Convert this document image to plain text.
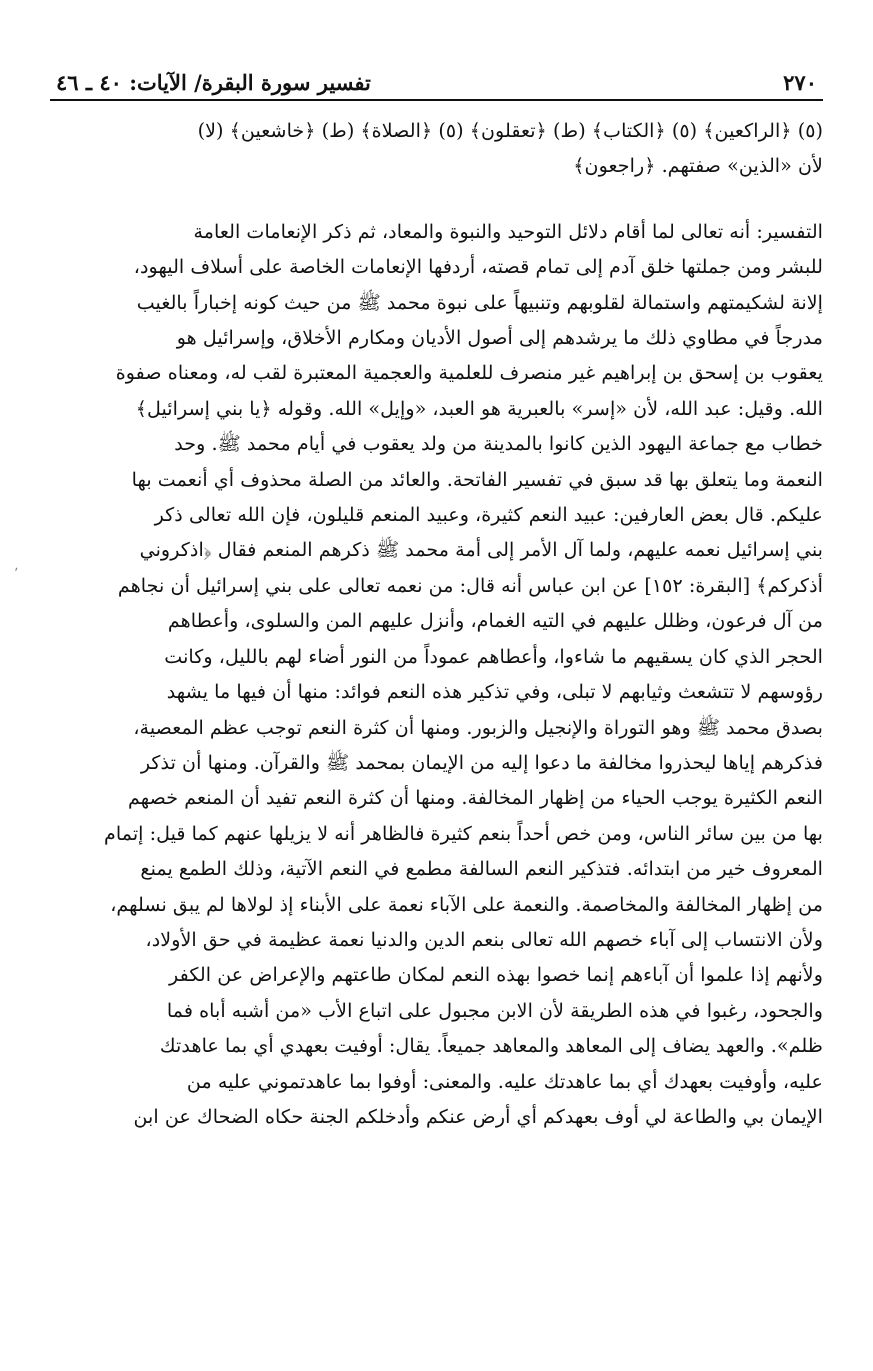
٢٧٠
تفسير سورة البقرة/ الآيات: ٤٠ ـ ٤٦
(٥) ﴿الراكعين﴾ (٥) ﴿الكتاب﴾ (ط) ﴿تعقلون﴾ (٥) ﴿الصلاة﴾ (ط) ﴿خاشعين﴾ (لا)
لأن «الذين» صفتهم. ﴿راجعون﴾
التفسير: أنه تعالى لما أقام دلائل التوحيد والنبوة والمعاد، ثم ذكر الإنعامات العامة
للبشر ومن جملتها خلق آدم إلى تمام قصته، أردفها الإنعامات الخاصة على أسلاف اليهود،
إلانة لشكيمتهم واستمالة لقلوبهم وتنبيهاً على نبوة محمد ﷺ من حيث كونه إخباراً بالغيب
مدرجاً في مطاوي ذلك ما يرشدهم إلى أصول الأديان ومكارم الأخلاق، وإسرائيل هو
يعقوب بن إسحق بن إبراهيم غير منصرف للعلمية والعجمية المعتبرة لقب له، ومعناه صفوة
الله. وقيل: عبد الله، لأن «إسر» بالعبرية هو العبد، «وإيل» الله. وقوله ﴿يا بني إسرائيل﴾
خطاب مع جماعة اليهود الذين كانوا بالمدينة من ولد يعقوب في أيام محمد ﷺ. وحد
النعمة وما يتعلق بها قد سبق في تفسير الفاتحة. والعائد من الصلة محذوف أي أنعمت بها
عليكم. قال بعض العارفين: عبيد النعم كثيرة، وعبيد المنعم قليلون، فإن الله تعالى ذكر
بني إسرائيل نعمه عليهم، ولما آل الأمر إلى أمة محمد ﷺ ذكرهم المنعم فقال ﴿اذكروني
أذكركم﴾ [البقرة: ١٥٢] عن ابن عباس أنه قال: من نعمه تعالى على بني إسرائيل أن نجاهم
من آل فرعون، وظلل عليهم في التيه الغمام، وأنزل عليهم المن والسلوى، وأعطاهم
الحجر الذي كان يسقيهم ما شاءوا، وأعطاهم عموداً من النور أضاء لهم بالليل، وكانت
رؤوسهم لا تتشعث وثيابهم لا تبلى، وفي تذكير هذه النعم فوائد: منها أن فيها ما يشهد
بصدق محمد ﷺ وهو التوراة والإنجيل والزبور. ومنها أن كثرة النعم توجب عظم المعصية،
فذكرهم إياها ليحذروا مخالفة ما دعوا إليه من الإيمان بمحمد ﷺ والقرآن. ومنها أن تذكر
النعم الكثيرة يوجب الحياء من إظهار المخالفة. ومنها أن كثرة النعم تفيد أن المنعم خصهم
بها من بين سائر الناس، ومن خص أحداً بنعم كثيرة فالظاهر أنه لا يزيلها عنهم كما قيل: إتمام
المعروف خير من ابتدائه. فتذكير النعم السالفة مطمع في النعم الآتية، وذلك الطمع يمنع
من إظهار المخالفة والمخاصمة. والنعمة على الآباء نعمة على الأبناء إذ لولاها لم يبق نسلهم،
ولأن الانتساب إلى آباء خصهم الله تعالى بنعم الدين والدنيا نعمة عظيمة في حق الأولاد،
ولأنهم إذا علموا أن آباءهم إنما خصوا بهذه النعم لمكان طاعتهم والإعراض عن الكفر
والجحود، رغبوا في هذه الطريقة لأن الابن مجبول على اتباع الأب «من أشبه أباه فما
ظلم». والعهد يضاف إلى المعاهد والمعاهد جميعاً. يقال: أوفيت بعهدي أي بما عاهدتك
عليه، وأوفيت بعهدك أي بما عاهدتك عليه. والمعنى: أوفوا بما عاهدتموني عليه من
الإيمان بي والطاعة لي أوف بعهدكم أي أرض عنكم وأدخلكم الجنة حكاه الضحاك عن ابن
٬
